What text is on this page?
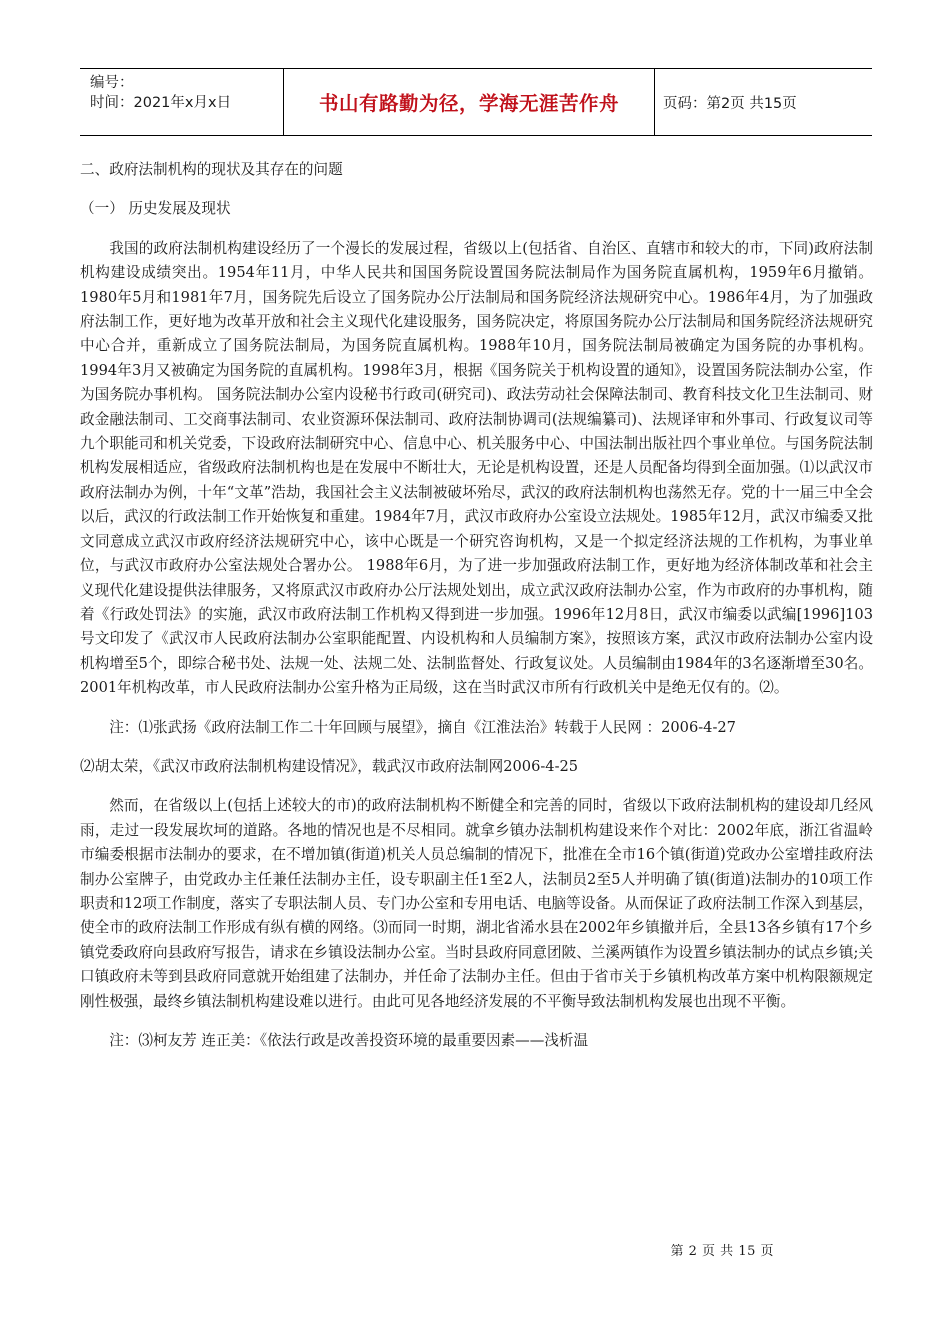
编号：
时间：2021年x月x日	书山有路勤为径，学海无涯苦作舟	页码：第2页 共15页

二、政府法制机构的现状及其存在的问题

（一） 历史发展及现状

我国的政府法制机构建设经历了一个漫长的发展过程，省级以上(包括省、自治区、直辖市和较大的市，下同)政府法制机构建设成绩突出。1954年11月，中华人民共和国国务院设置国务院法制局作为国务院直属机构，1959年6月撤销。1980年5月和1981年7月，国务院先后设立了国务院办公厅法制局和国务院经济法规研究中心。1986年4月，为了加强政府法制工作，更好地为改革开放和社会主义现代化建设服务，国务院决定，将原国务院办公厅法制局和国务院经济法规研究中心合并，重新成立了国务院法制局，为国务院直属机构。1988年10月，国务院法制局被确定为国务院的办事机构。1994年3月又被确定为国务院的直属机构。1998年3月，根据《国务院关于机构设置的通知》，设置国务院法制办公室，作为国务院办事机构。 国务院法制办公室内设秘书行政司(研究司)、政法劳动社会保障法制司、教育科技文化卫生法制司、财政金融法制司、工交商事法制司、农业资源环保法制司、政府法制协调司(法规编纂司)、法规译审和外事司、行政复议司等九个职能司和机关党委，下设政府法制研究中心、信息中心、机关服务中心、中国法制出版社四个事业单位。与国务院法制机构发展相适应，省级政府法制机构也是在发展中不断壮大，无论是机构设置，还是人员配备均得到全面加强。⑴以武汉市政府法制办为例，十年“文革”浩劫，我国社会主义法制被破坏殆尽，武汉的政府法制机构也荡然无存。党的十一届三中全会以后，武汉的行政法制工作开始恢复和重建。1984年7月，武汉市政府办公室设立法规处。1985年12月，武汉市编委又批文同意成立武汉市政府经济法规研究中心，该中心既是一个研究咨询机构，又是一个拟定经济法规的工作机构，为事业单位，与武汉市政府办公室法规处合署办公。 1988年6月，为了进一步加强政府法制工作，更好地为经济体制改革和社会主义现代化建设提供法律服务，又将原武汉市政府办公厅法规处划出，成立武汉政府法制办公室，作为市政府的办事机构，随着《行政处罚法》的实施，武汉市政府法制工作机构又得到进一步加强。1996年12月8日，武汉市编委以武编[1996]103号文印发了《武汉市人民政府法制办公室职能配置、内设机构和人员编制方案》，按照该方案，武汉市政府法制办公室内设机构增至5个，即综合秘书处、法规一处、法规二处、法制监督处、行政复议处。人员编制由1984年的3名逐渐增至30名。2001年机构改革，市人民政府法制办公室升格为正局级，这在当时武汉市所有行政机关中是绝无仅有的。⑵。

注：⑴张武扬《政府法制工作二十年回顾与展望》，摘自《江淮法治》转载于人民网 ：2006-4-27

⑵胡太荣，《武汉市政府法制机构建设情况》，载武汉市政府法制网2006-4-25

然而，在省级以上(包括上述较大的市)的政府法制机构不断健全和完善的同时，省级以下政府法制机构的建设却几经风雨，走过一段发展坎坷的道路。各地的情况也是不尽相同。就拿乡镇办法制机构建设来作个对比：2002年底，浙江省温岭市编委根据市法制办的要求，在不增加镇(街道)机关人员总编制的情况下，批准在全市16个镇(街道)党政办公室增挂政府法制办公室牌子，由党政办主任兼任法制办主任，设专职副主任1至2人，法制员2至5人并明确了镇(街道)法制办的10项工作职责和12项工作制度，落实了专职法制人员、专门办公室和专用电话、电脑等设备。从而保证了政府法制工作深入到基层，使全市的政府法制工作形成有纵有横的网络。⑶而同一时期，湖北省浠水县在2002年乡镇撤并后，全县13各乡镇有17个乡镇党委政府向县政府写报告，请求在乡镇设法制办公室。当时县政府同意团陂、兰溪两镇作为设置乡镇法制办的试点乡镇;关口镇政府未等到县政府同意就开始组建了法制办，并任命了法制办主任。但由于省市关于乡镇机构改革方案中机构限额规定刚性极强，最终乡镇法制机构建设难以进行。由此可见各地经济发展的不平衡导致法制机构发展也出现不平衡。

注：⑶柯友芳 连正美：《依法行政是改善投资环境的最重要因素——浅析温

第 2 页 共 15 页
